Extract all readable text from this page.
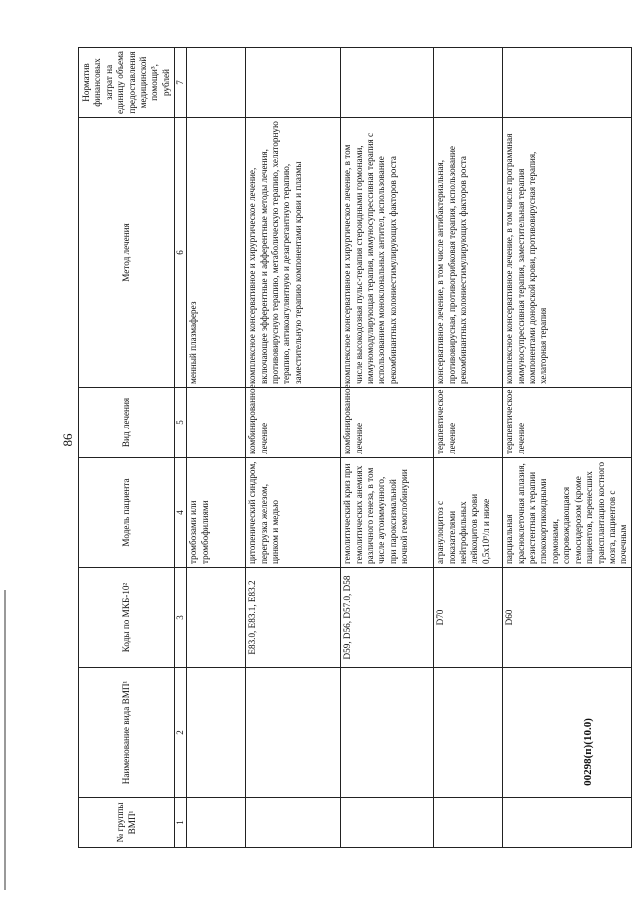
86
00298(п)(10.0)
№ группы ВМП¹	Наименование вида ВМП¹	Коды по МКБ-10²	Модель пациента	Вид лечения	Метод лечения	Норматив финансовых затрат на единицу объема предоставления медицинской помощи³, рублей
1	2	3	4	5	6	7
			тромбозами или тромбофилиями		менный плазмаферез	
		E83.0, E83.1, E83.2	цитопенический синдром, перегрузка железом, цинком и медью	комбинированное лечение	комплексное консервативное и хирургическое лечение, включающее эфферентные и афферентные методы лечения, противовирусную терапию, метаболическую терапию, хелаторную терапию, антикоагулянтную и дезагрегантную терапию, заместительную терапию компонентами крови и плазмы	
		D59, D56, D57.0, D58	гемолитический криз при гемолитических анемиях различного генеза, в том числе аутоиммунного, при пароксизмальной ночной гемоглобинурии	комбинированное лечение	комплексное консервативное и хирургическое лечение, в том числе высокодозная пульс-терапия стероидными гормонами, иммуномодулирующая терапия, иммуносупрессивная терапия с использованием моноклональных антител, использование рекомбинантных колониестимулирующих факторов роста	
		D70	агранулоцитоз с показателями нейтрофильных лейкоцитов крови 0,5х10⁹/л и ниже	терапевтическое лечение	консервативное лечение, в том числе антибактериальная, противовирусная, противогрибковая терапия, использование рекомбинантных колониестимулирующих факторов роста	
		D60	парциальная красноклеточная аплазия, резистентная к терапии глюкокортикоидными гормонами, сопровождающаяся гемосидерозом (кроме пациентов, перенесших трансплантацию костного мозга, пациентов с почечным	терапевтическое лечение	комплексное консервативное лечение, в том числе программная иммуносупрессивная терапия, заместительная терапия компонентами донорской крови, противовирусная терапия, хелаторная терапия	
